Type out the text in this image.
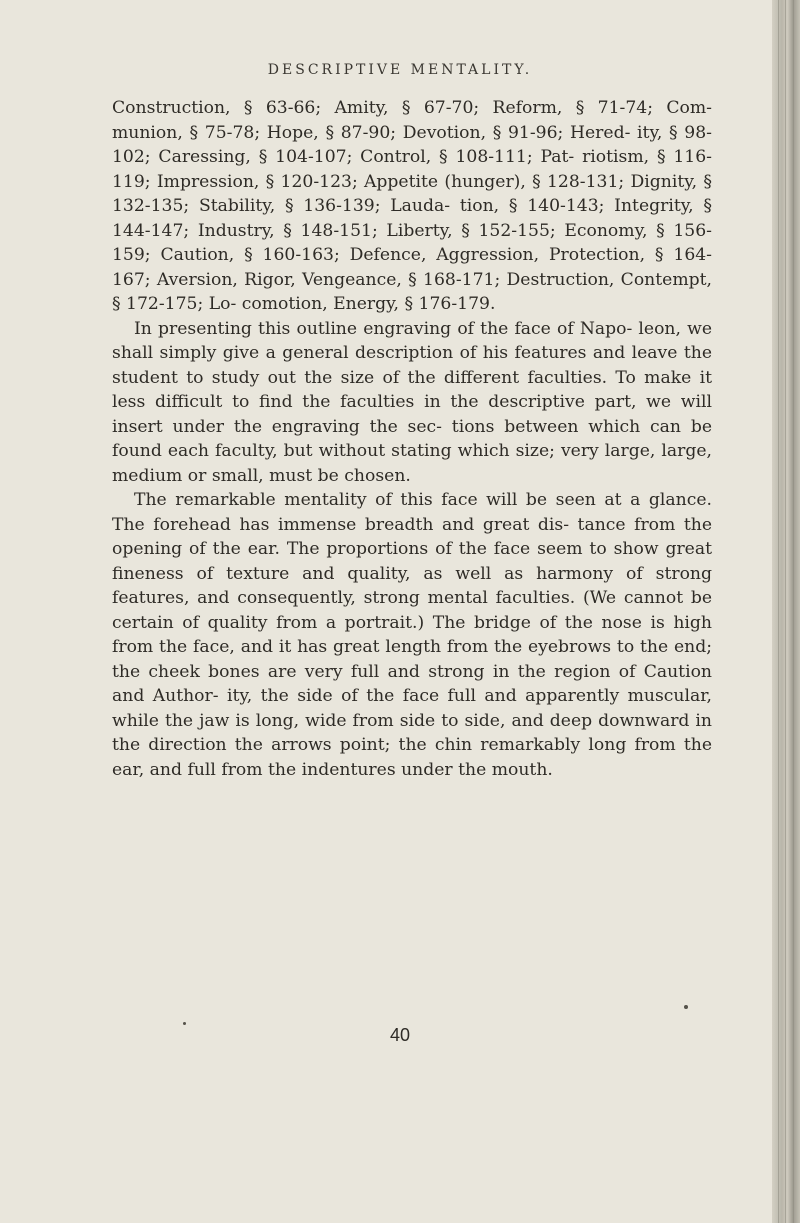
DESCRIPTIVE MENTALITY.

Construction, § 63-66; Amity, § 67-70; Reform, § 71-74; Com- munion, § 75-78; Hope, § 87-90; Devotion, § 91-96; Hered- ity, § 98-102; Caressing, § 104-107; Control, § 108-111; Pat- riotism, § 116-119; Impression, § 120-123; Appetite (hunger), § 128-131; Dignity, § 132-135; Stability, § 136-139; Lauda- tion, § 140-143; Integrity, § 144-147; Industry, § 148-151; Liberty, § 152-155; Economy, § 156-159; Caution, § 160-163; Defence, Aggression, Protection, § 164-167; Aversion, Rigor, Vengeance, § 168-171; Destruction, Contempt, § 172-175; Lo- comotion, Energy, § 176-179.

In presenting this outline engraving of the face of Napo- leon, we shall simply give a general description of his features and leave the student to study out the size of the different faculties. To make it less difficult to find the faculties in the descriptive part, we will insert under the engraving the sec- tions between which can be found each faculty, but without stating which size; very large, large, medium or small, must be chosen.

The remarkable mentality of this face will be seen at a glance. The forehead has immense breadth and great dis- tance from the opening of the ear. The proportions of the face seem to show great fineness of texture and quality, as well as harmony of strong features, and consequently, strong mental faculties. (We cannot be certain of quality from a portrait.) The bridge of the nose is high from the face, and it has great length from the eyebrows to the end; the cheek bones are very full and strong in the region of Caution and Author- ity, the side of the face full and apparently muscular, while the jaw is long, wide from side to side, and deep downward in the direction the arrows point; the chin remarkably long from the ear, and full from the indentures under the mouth.

40
